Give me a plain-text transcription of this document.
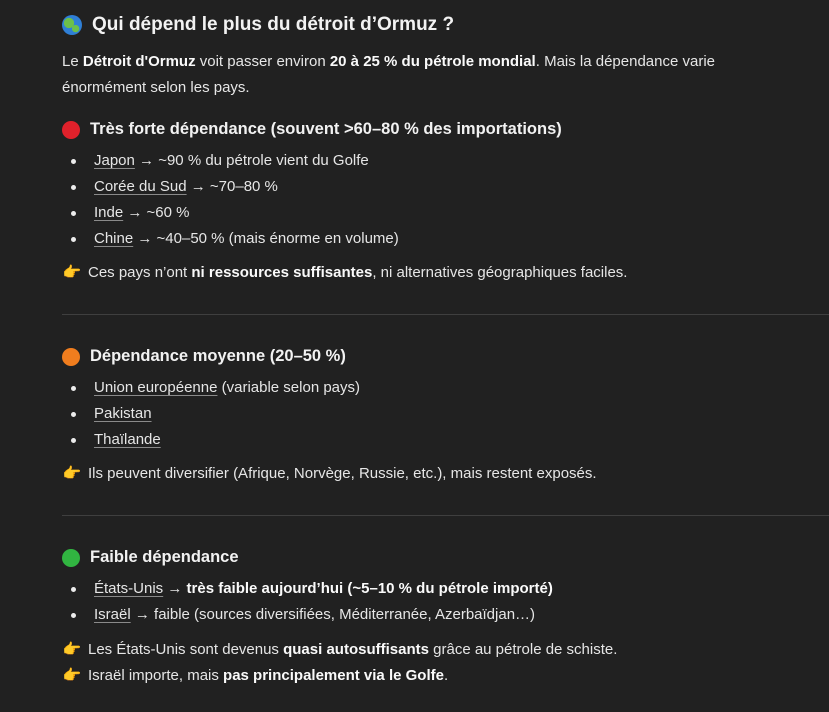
Qui dépend le plus du détroit d’Ormuz ?

Le Détroit d'Ormuz voit passer environ 20 à 25 % du pétrole mondial. Mais la dépendance varie énormément selon les pays.

Très forte dépendance (souvent >60–80 % des importations)
Japon → ~90 % du pétrole vient du Golfe
Corée du Sud → ~70–80 %
Inde → ~60 %
Chine → ~40–50 % (mais énorme en volume)

👉 Ces pays n’ont ni ressources suffisantes, ni alternatives géographiques faciles.

Dépendance moyenne (20–50 %)
Union européenne (variable selon pays)
Pakistan
Thaïlande

👉 Ils peuvent diversifier (Afrique, Norvège, Russie, etc.), mais restent exposés.

Faible dépendance
États-Unis → très faible aujourd’hui (~5–10 % du pétrole importé)
Israël → faible (sources diversifiées, Méditerranée, Azerbaïdjan…)

👉 Les États-Unis sont devenus quasi autosuffisants grâce au pétrole de schiste.

👉 Israël importe, mais pas principalement via le Golfe.
